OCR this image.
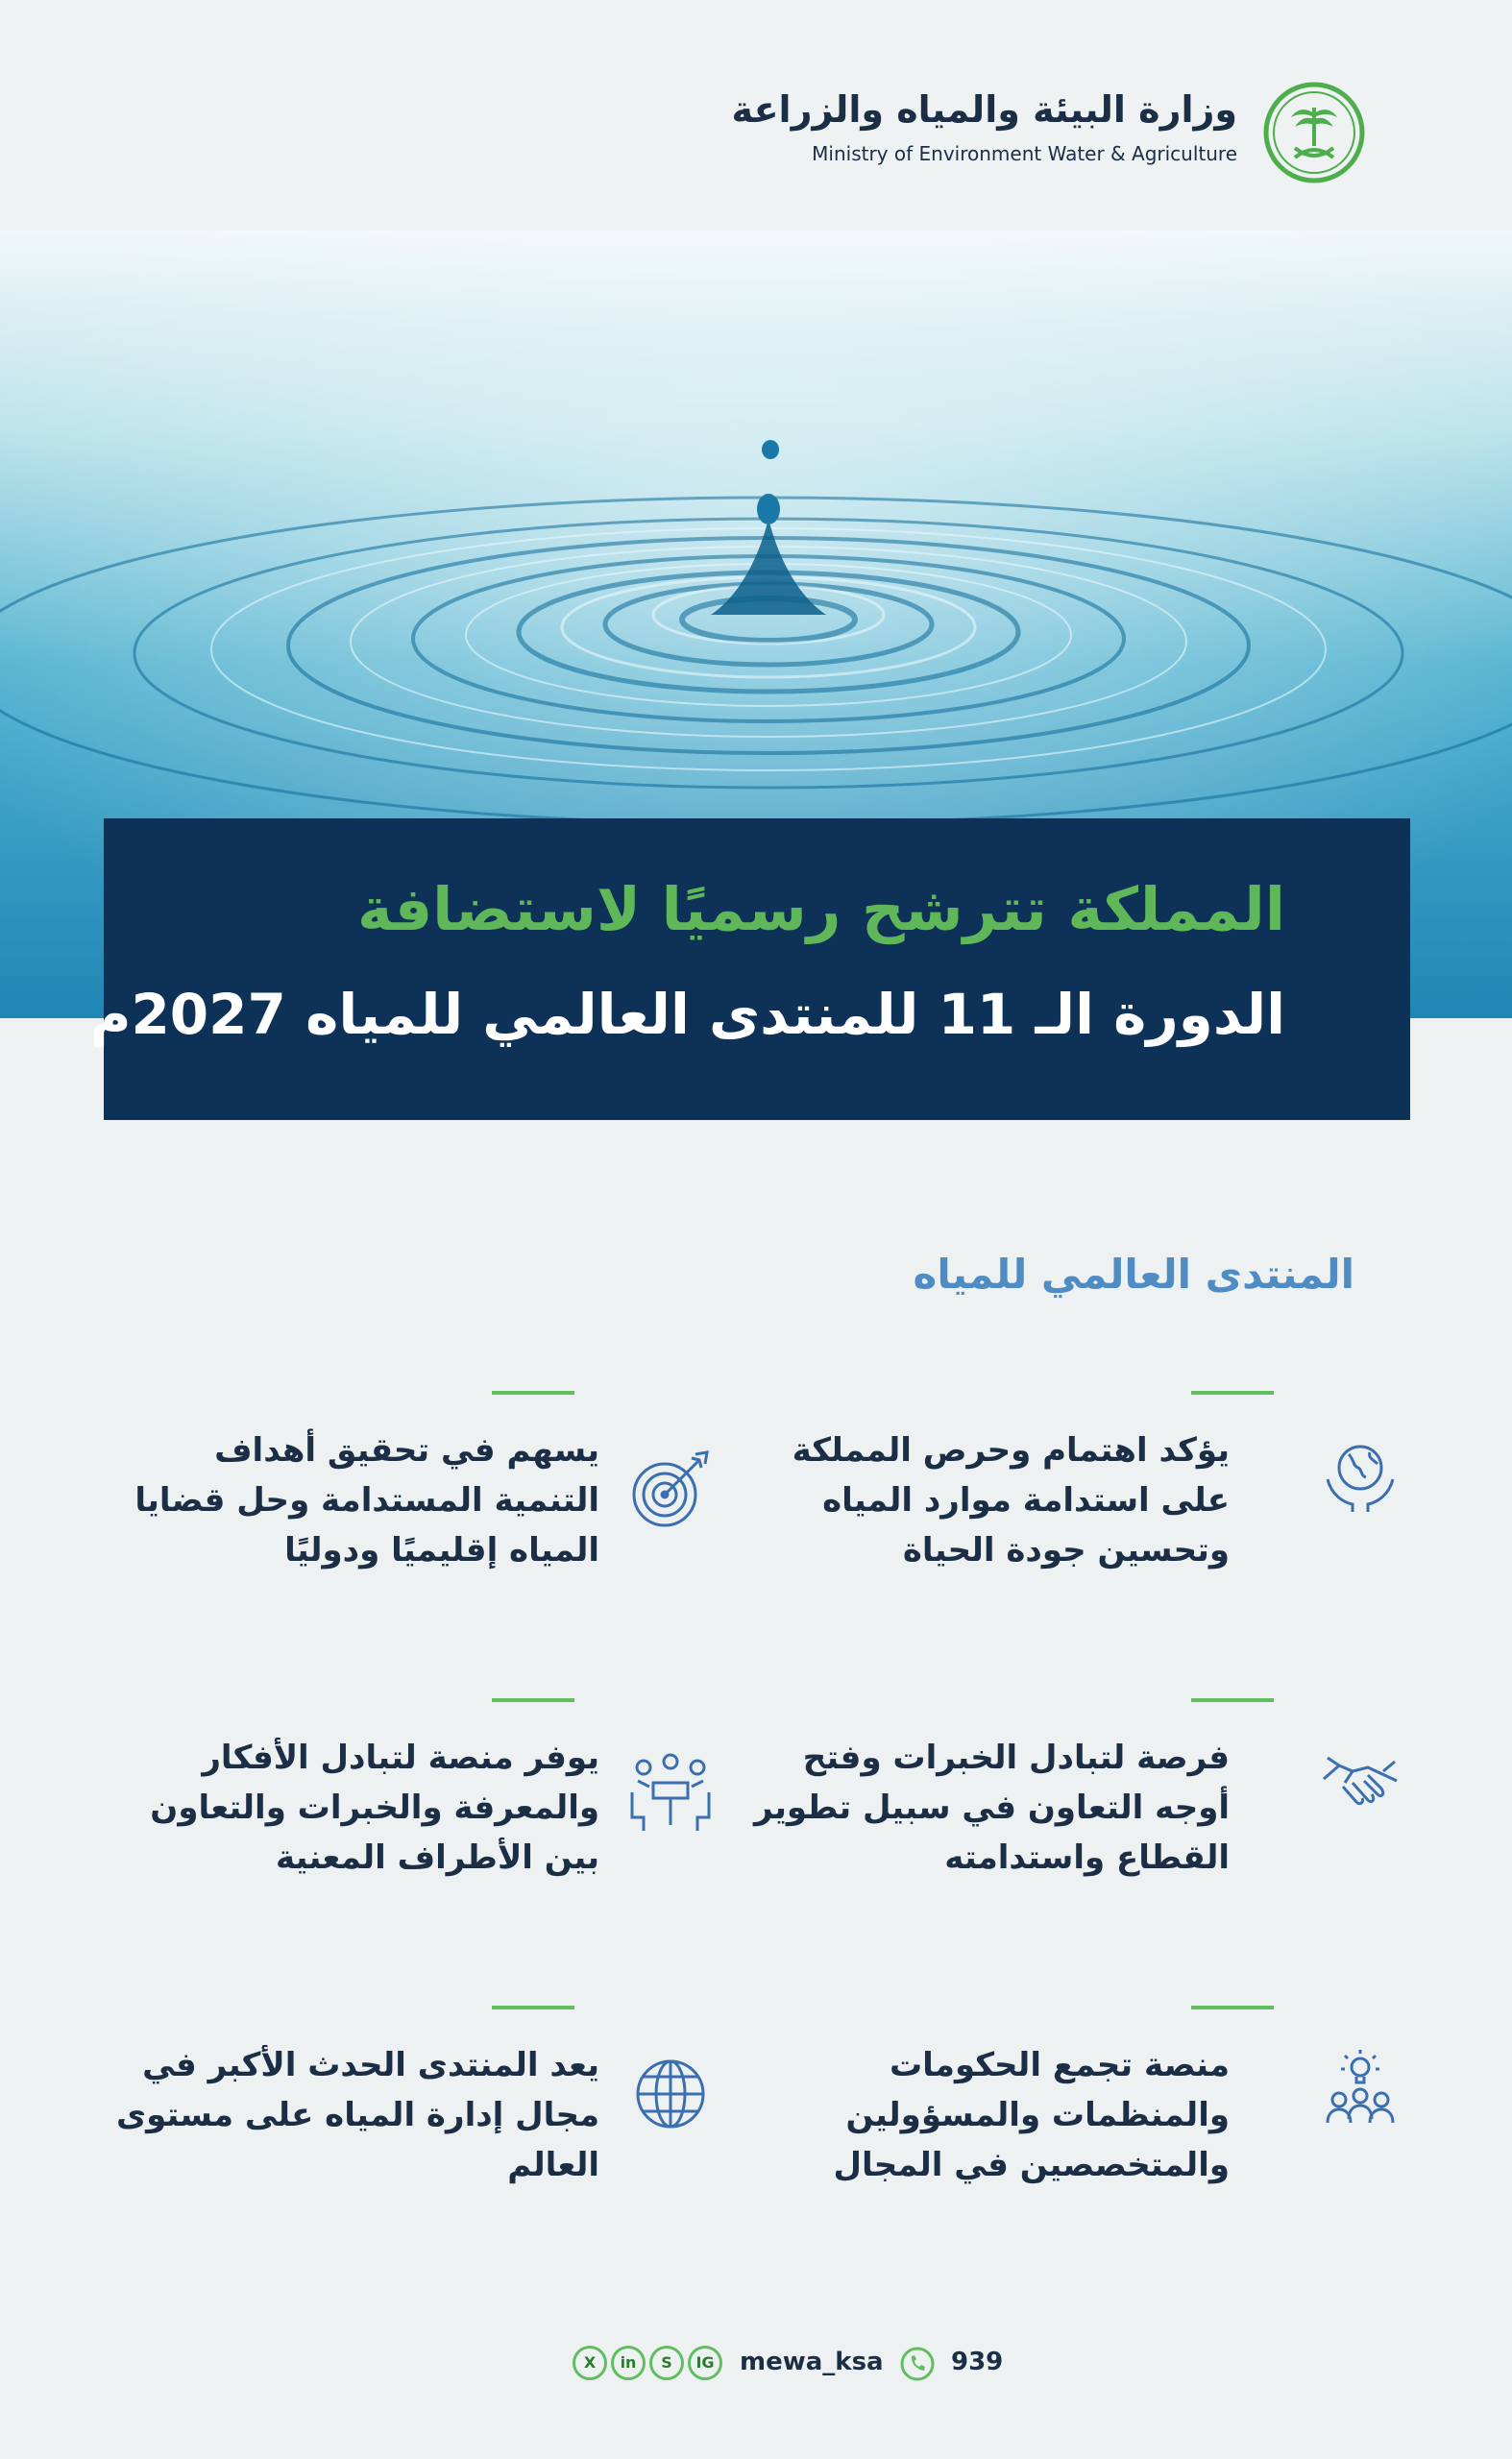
وزارة البيئة والمياه والزراعة
Ministry of Environment Water & Agriculture
المملكة تترشح رسميًا لاستضافة
الدورة الـ 11 للمنتدى العالمي للمياه 2027م
المنتدى العالمي للمياه
يؤكد اهتمام وحرص المملكة على استدامة موارد المياه وتحسين جودة الحياة
فرصة لتبادل الخبرات وفتح أوجه التعاون في سبيل تطوير القطاع واستدامته
منصة تجمع الحكومات والمنظمات والمسؤولين والمتخصصين في المجال
يسهم في تحقيق أهداف التنمية المستدامة وحل قضايا المياه إقليميًا ودوليًا
يوفر منصة لتبادل الأفكار والمعرفة والخبرات والتعاون بين الأطراف المعنية
يعد المنتدى الحدث الأكبر في مجال إدارة المياه على مستوى العالم
X	in	S	IG	mewa_ksa	939
